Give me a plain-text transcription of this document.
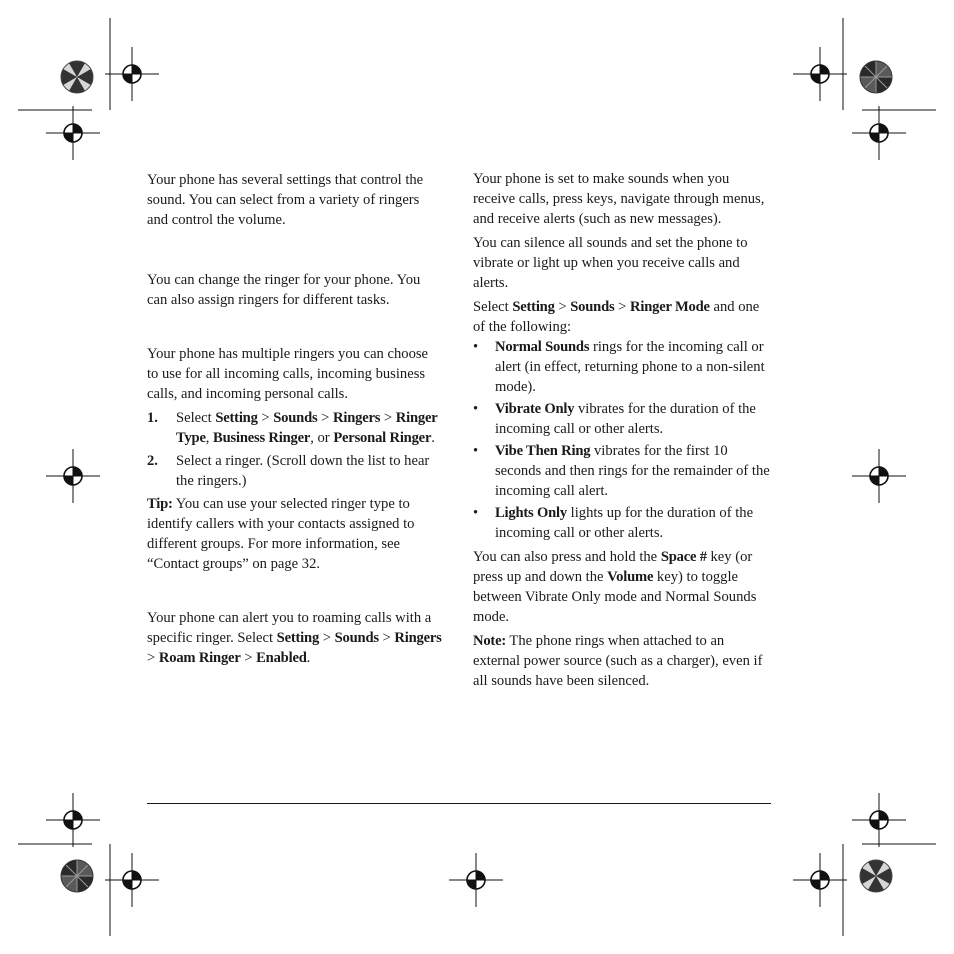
Your phone has several settings that control the sound. You can select from a variety of ringers and control the volume.

You can change the ringer for your phone. You can also assign ringers for different tasks.

Your phone has multiple ringers you can choose to use for all incoming calls, incoming business calls, and incoming personal calls.

1. Select Setting > Sounds > Ringers > Ringer Type, Business Ringer, or Personal Ringer.
2. Select a ringer. (Scroll down the list to hear the ringers.)

Tip: You can use your selected ringer type to identify callers with your contacts assigned to different groups. For more information, see “Contact groups” on page 32.

Your phone can alert you to roaming calls with a specific ringer. Select Setting > Sounds > Ringers > Roam Ringer > Enabled.

Your phone is set to make sounds when you receive calls, press keys, navigate through menus, and receive alerts (such as new messages).

You can silence all sounds and set the phone to vibrate or light up when you receive calls and alerts.

Select Setting > Sounds > Ringer Mode and one of the following:

• Normal Sounds rings for the incoming call or alert (in effect, returning phone to a non-silent mode).
• Vibrate Only vibrates for the duration of the incoming call or other alerts.
• Vibe Then Ring vibrates for the first 10 seconds and then rings for the remainder of the incoming call alert.
• Lights Only lights up for the duration of the incoming call or other alerts.

You can also press and hold the Space # key (or press up and down the Volume key) to toggle between Vibrate Only mode and Normal Sounds mode.

Note: The phone rings when attached to an external power source (such as a charger), even if all sounds have been silenced.
